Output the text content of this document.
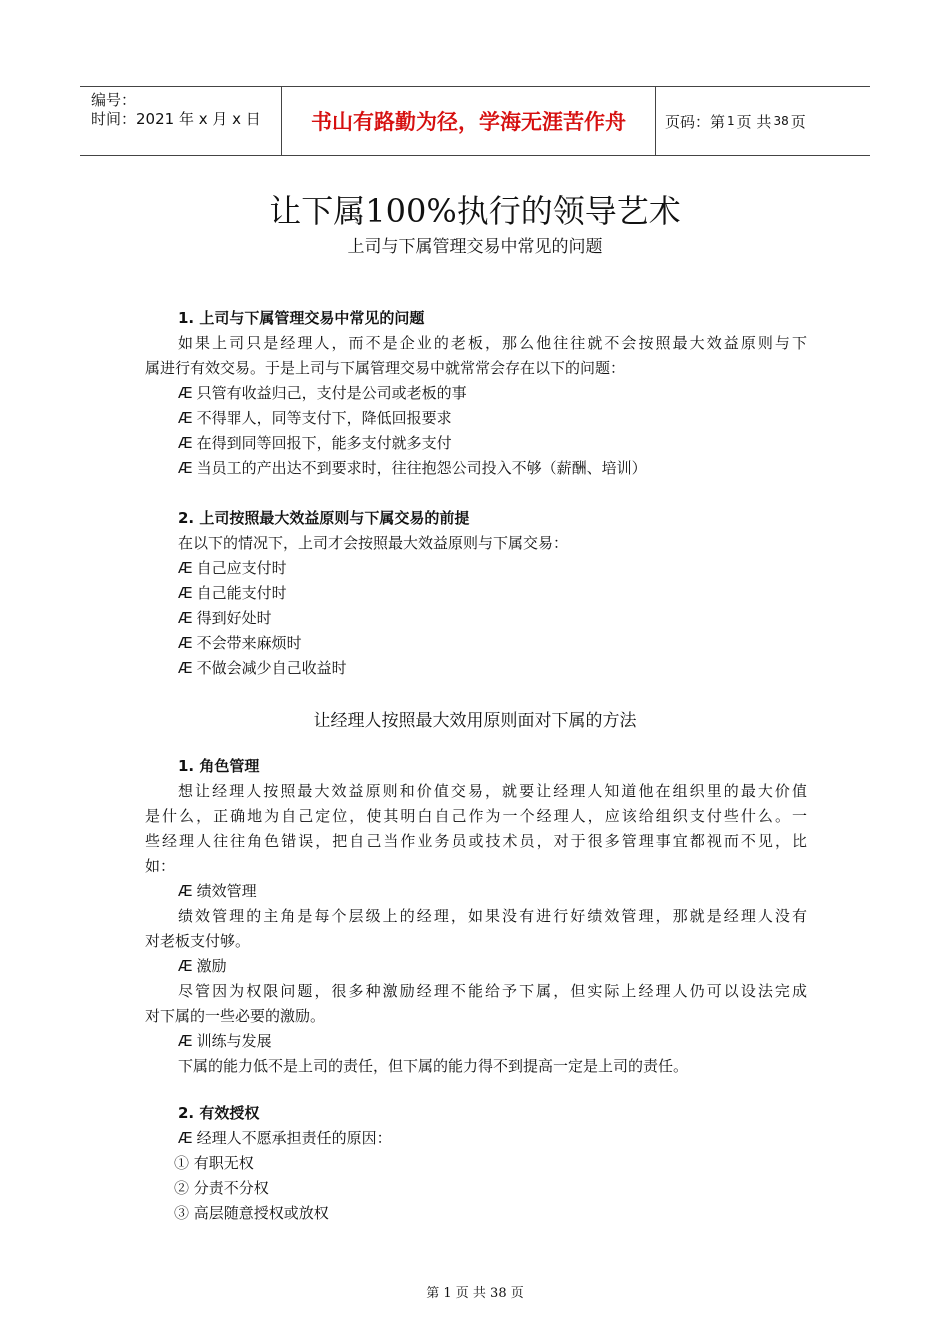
编号：
时间：2021 年 x 月 x 日	书山有路勤为径，学海无涯苦作舟	页码：第 1 页 共 38 页
让下属100%执行的领导艺术
上司与下属管理交易中常见的问题
1. 上司与下属管理交易中常见的问题
如果上司只是经理人，而不是企业的老板，那么他往往就不会按照最大效益原则与下
属进行有效交易。于是上司与下属管理交易中就常常会存在以下的问题：
Æ 只管有收益归己，支付是公司或老板的事
Æ 不得罪人，同等支付下，降低回报要求
Æ 在得到同等回报下，能多支付就多支付
Æ 当员工的产出达不到要求时，往往抱怨公司投入不够（薪酬、培训）
2. 上司按照最大效益原则与下属交易的前提
在以下的情况下，上司才会按照最大效益原则与下属交易：
Æ 自己应支付时
Æ 自己能支付时
Æ 得到好处时
Æ 不会带来麻烦时
Æ 不做会减少自己收益时
让经理人按照最大效用原则面对下属的方法
1. 角色管理
想让经理人按照最大效益原则和价值交易，就要让经理人知道他在组织里的最大价值
是什么，正确地为自己定位，使其明白自己作为一个经理人，应该给组织支付些什么。一
些经理人往往角色错误，把自己当作业务员或技术员，对于很多管理事宜都视而不见，比
如：
Æ 绩效管理
绩效管理的主角是每个层级上的经理，如果没有进行好绩效管理，那就是经理人没有
对老板支付够。
Æ 激励
尽管因为权限问题，很多种激励经理不能给予下属，但实际上经理人仍可以设法完成
对下属的一些必要的激励。
Æ 训练与发展
下属的能力低不是上司的责任，但下属的能力得不到提高一定是上司的责任。
2. 有效授权
Æ 经理人不愿承担责任的原因：
① 有职无权
② 分责不分权
③ 高层随意授权或放权
第 1 页 共 38 页
